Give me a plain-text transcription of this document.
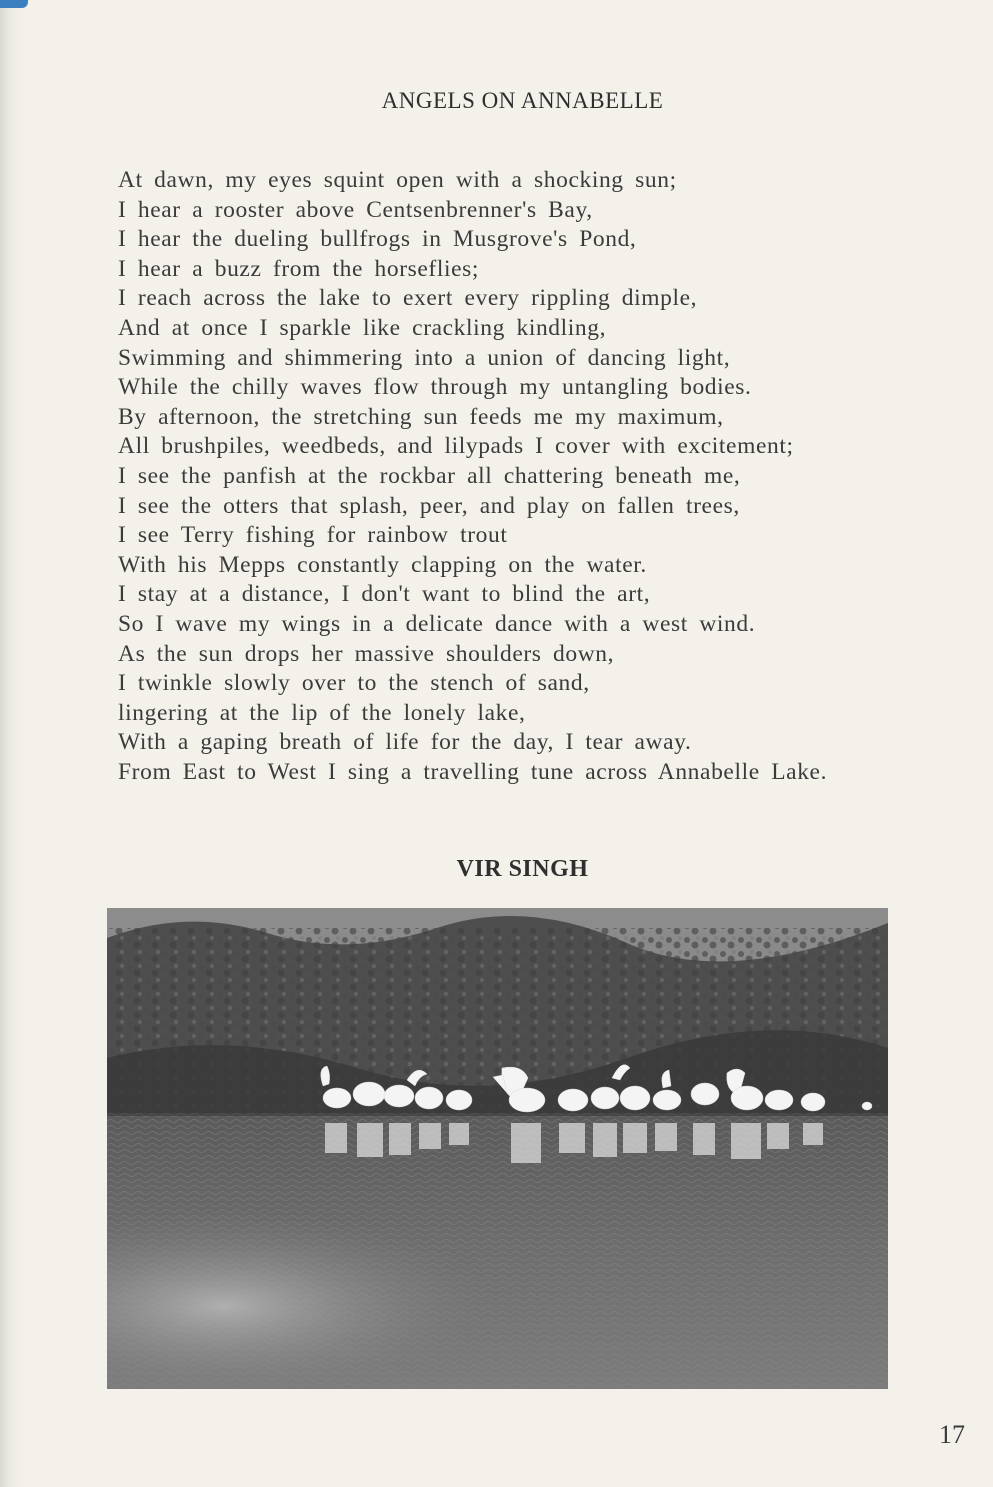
ANGELS ON ANNABELLE
At dawn, my eyes squint open with a shocking sun;
I hear a rooster above Centsenbrenner's Bay,
I hear the dueling bullfrogs in Musgrove's Pond,
I hear a buzz from the horseflies;
I reach across the lake to exert every rippling dimple,
And at once I sparkle like crackling kindling,
Swimming and shimmering into a union of dancing light,
While the chilly waves flow through my untangling bodies.
By afternoon, the stretching sun feeds me my maximum,
All brushpiles, weedbeds, and lilypads I cover with excitement;
I see the panfish at the rockbar all chattering beneath me,
I see the otters that splash, peer, and play on fallen trees,
I see Terry fishing for rainbow trout
With his Mepps constantly clapping on the water.
I stay at a distance, I don't want to blind the art,
So I wave my wings in a delicate dance with a west wind.
As the sun drops her massive shoulders down,
I twinkle slowly over to the stench of sand,
lingering at the lip of the lonely lake,
With a gaping breath of life for the day, I tear away.
From East to West I sing a travelling tune across Annabelle Lake.
VIR SINGH
17
